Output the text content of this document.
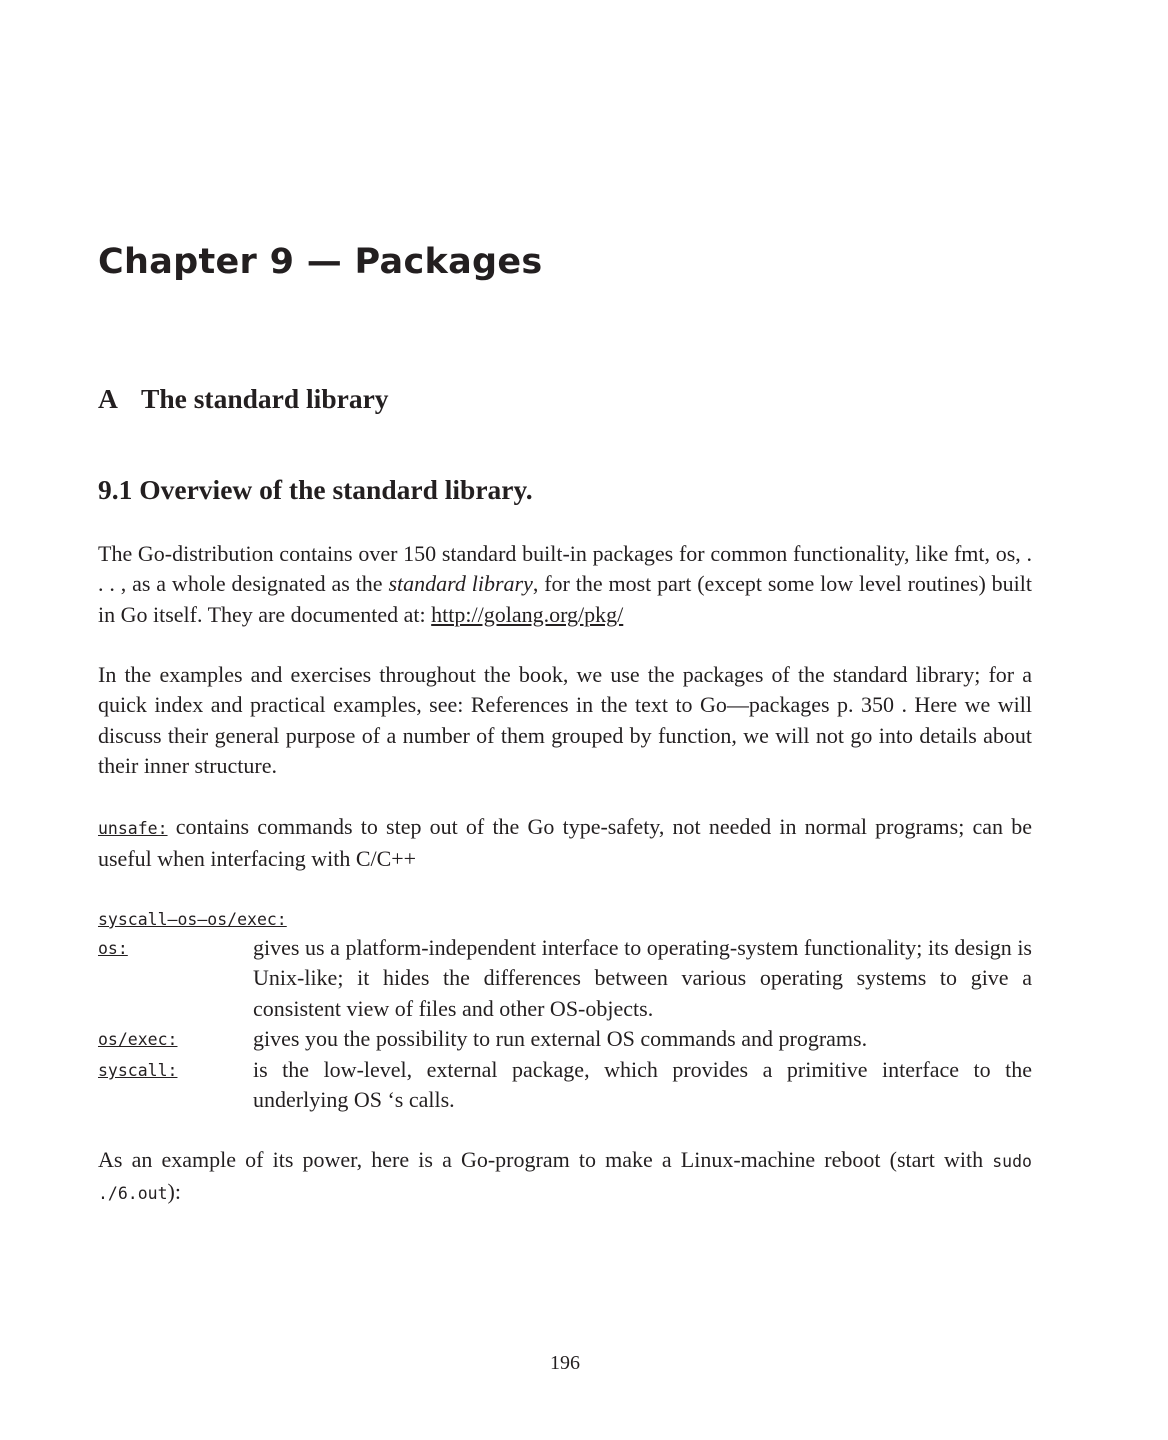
Chapter 9 — Packages
A The standard library
9.1 Overview of the standard library.

The Go-distribution contains over 150 standard built-in packages for common functionality, like fmt, os, . . . , as a whole designated as the standard library, for the most part (except some low level routines) built in Go itself. They are documented at: http://golang.org/pkg/

In the examples and exercises throughout the book, we use the packages of the standard library; for a quick index and practical examples, see: References in the text to Go—packages p. 350 . Here we will discuss their general purpose of a number of them grouped by function, we will not go into details about their inner structure.

unsafe: contains commands to step out of the Go type-safety, not needed in normal programs; can be useful when interfacing with C/C++

syscall—os—os/exec:
os:	gives us a platform-independent interface to operating-system functionality; its design is Unix-like; it hides the differences between various operating systems to give a consistent view of files and other OS-objects.
os/exec:	gives you the possibility to run external OS commands and programs.
syscall:	is the low-level, external package, which provides a primitive interface to the underlying OS ‘s calls.

As an example of its power, here is a Go-program to make a Linux-machine reboot (start with sudo ./6.out):

196
